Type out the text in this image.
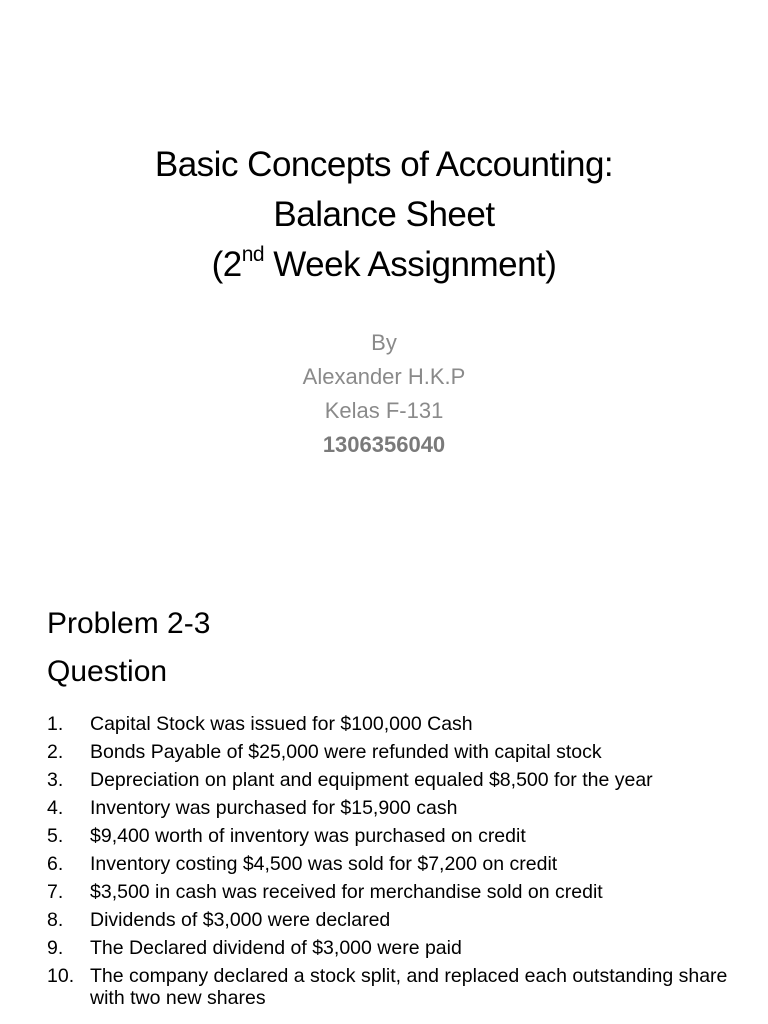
Basic Concepts of Accounting:
Balance Sheet
(2nd Week Assignment)
By
Alexander H.K.P
Kelas F-131
1306356040
Problem 2-3
Question
1.	Capital Stock was issued for $100,000 Cash
2.	Bonds Payable of $25,000 were refunded with capital stock
3.	Depreciation on plant and equipment equaled $8,500 for the year
4.	Inventory was purchased for $15,900 cash
5.	$9,400 worth of inventory was purchased on credit
6.	Inventory costing $4,500 was sold for $7,200 on credit
7.	$3,500 in cash was received for merchandise sold on credit
8.	Dividends of $3,000 were declared
9.	The Declared dividend of $3,000 were paid
10. The company declared a stock split, and replaced each outstanding share with two new shares
